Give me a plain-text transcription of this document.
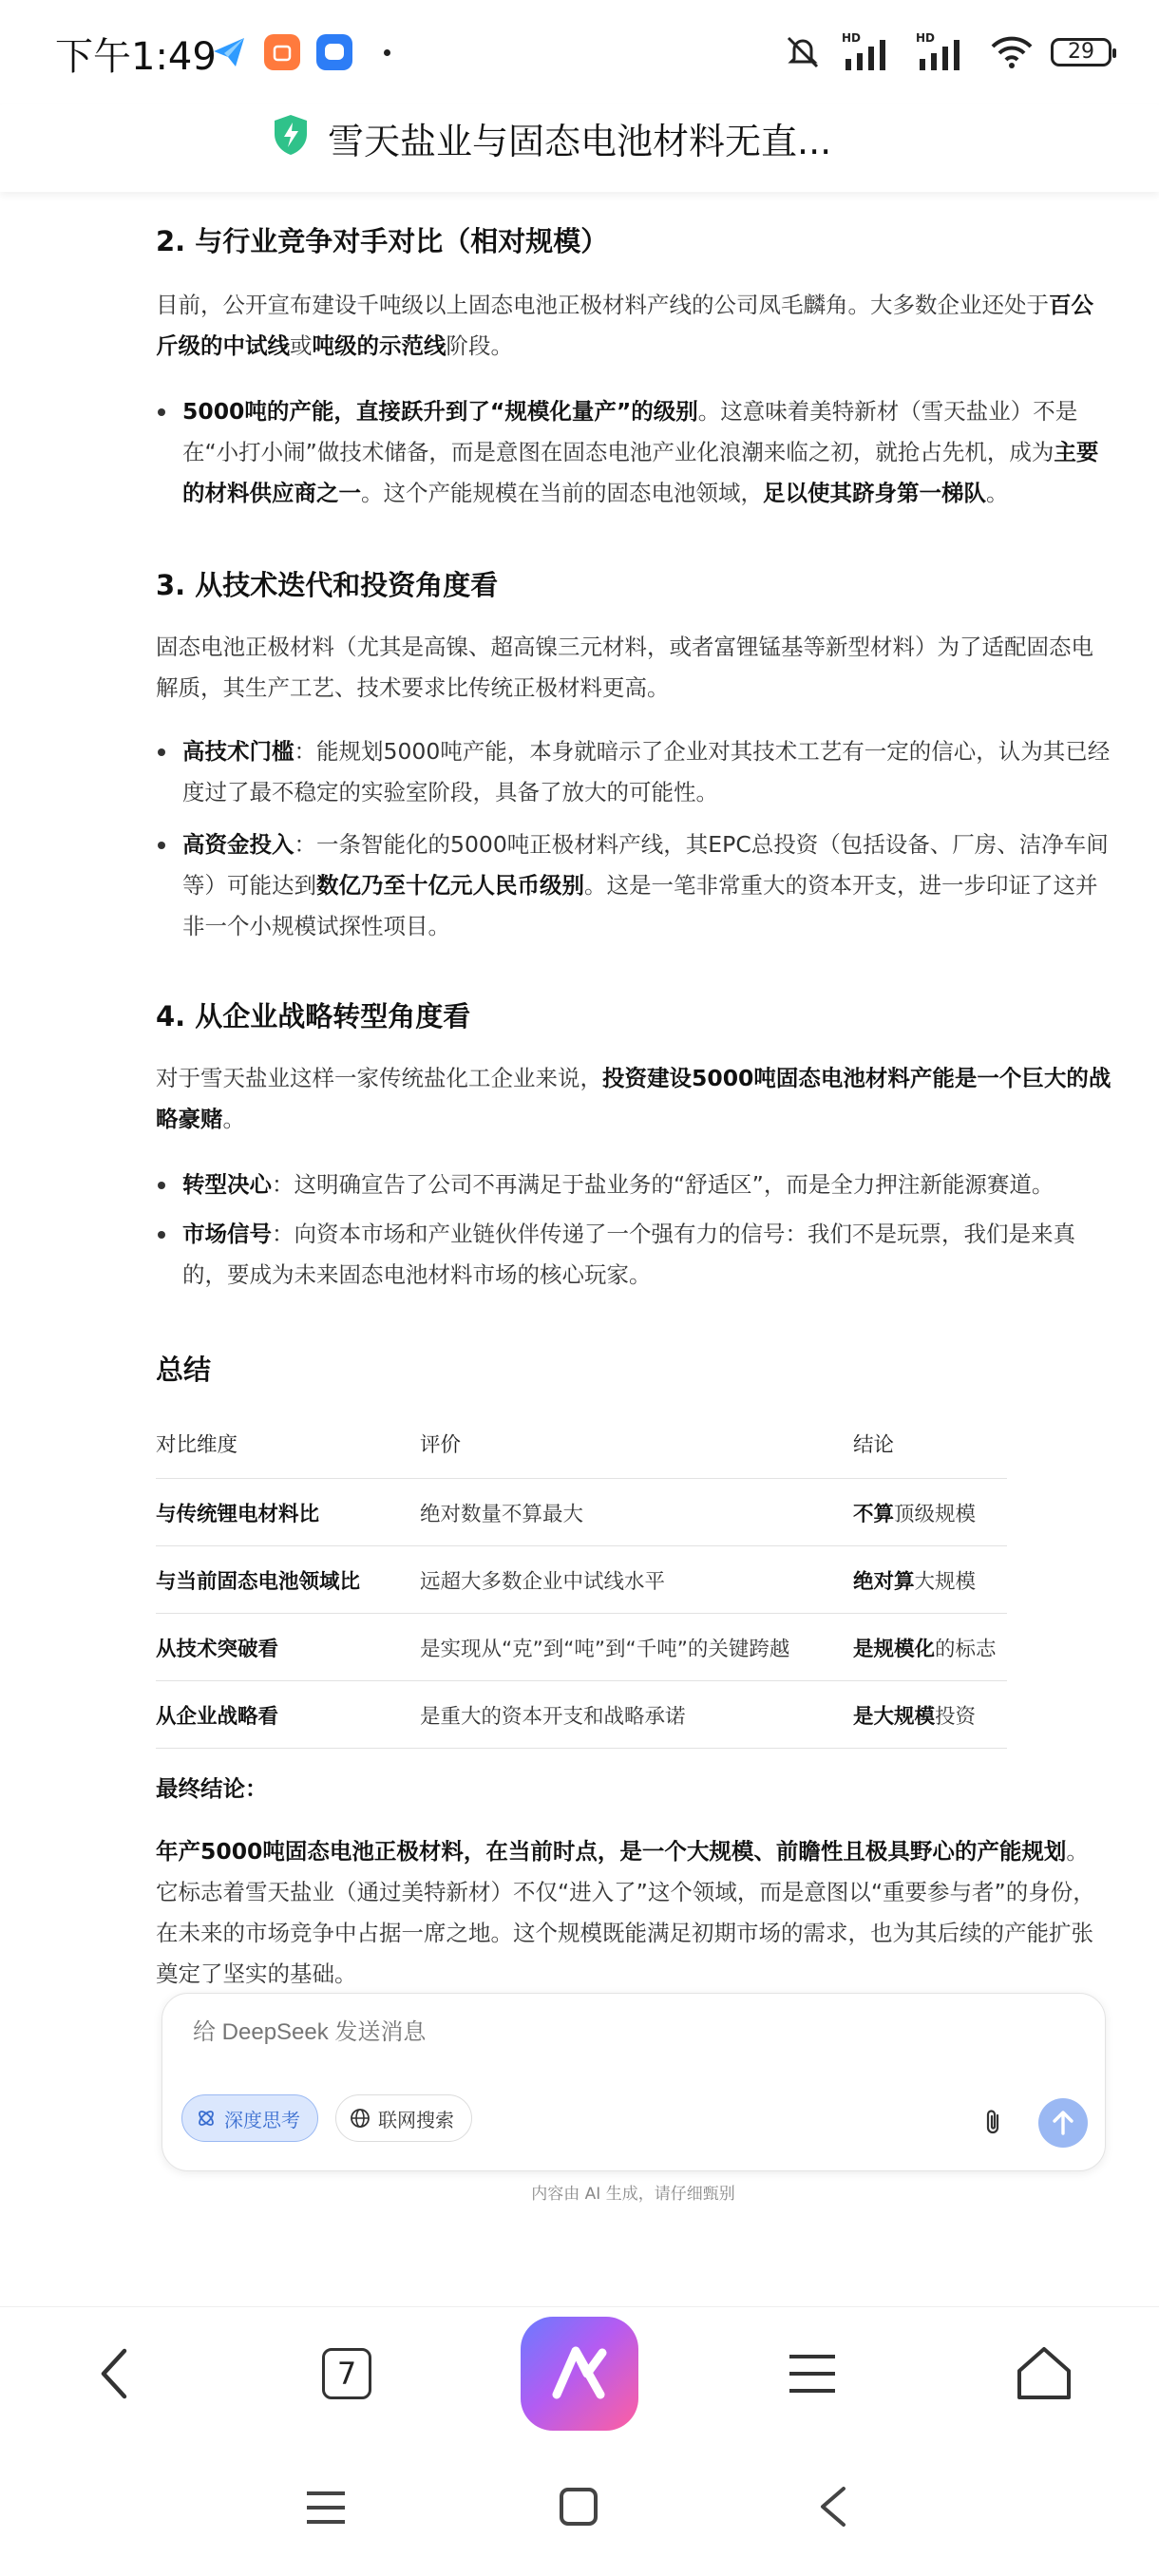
下午1:49	HD	HD
29
雪天盐业与固态电池材料无直...
2. 与行业竞争对手对比（相对规模）
目前，公开宣布建设千吨级以上固态电池正极材料产线的公司凤毛麟角。大多数企业还处于百公斤级的中试线或吨级的示范线阶段。
5000吨的产能，直接跃升到了“规模化量产”的级别。这意味着美特新材（雪天盐业）不是在“小打小闹”做技术储备，而是意图在固态电池产业化浪潮来临之初，就抢占先机，成为主要的材料供应商之一。这个产能规模在当前的固态电池领域，足以使其跻身第一梯队。
3. 从技术迭代和投资角度看
固态电池正极材料（尤其是高镍、超高镍三元材料，或者富锂锰基等新型材料）为了适配固态电解质，其生产工艺、技术要求比传统正极材料更高。
高技术门槛：能规划5000吨产能，本身就暗示了企业对其技术工艺有一定的信心，认为其已经度过了最不稳定的实验室阶段，具备了放大的可能性。
高资金投入：一条智能化的5000吨正极材料产线，其EPC总投资（包括设备、厂房、洁净车间等）可能达到数亿乃至十亿元人民币级别。这是一笔非常重大的资本开支，进一步印证了这并非一个小规模试探性项目。
4. 从企业战略转型角度看
对于雪天盐业这样一家传统盐化工企业来说，投资建设5000吨固态电池材料产能是一个巨大的战略豪赌。
转型决心：这明确宣告了公司不再满足于盐业务的“舒适区”，而是全力押注新能源赛道。
市场信号：向资本市场和产业链伙伴传递了一个强有力的信号：我们不是玩票，我们是来真的，要成为未来固态电池材料市场的核心玩家。
总结
对比维度	评价	结论
与传统锂电材料比	绝对数量不算最大	不算顶级规模
与当前固态电池领域比	远超大多数企业中试线水平	绝对算大规模
从技术突破看	是实现从“克”到“吨”到“千吨”的关键跨越	是规模化的标志
从企业战略看	是重大的资本开支和战略承诺	是大规模投资
最终结论：
年产5000吨固态电池正极材料，在当前时点，是一个大规模、前瞻性且极具野心的产能规划。 它标志着雪天盐业（通过美特新材）不仅“进入了”这个领域，而是意图以“重要参与者”的身份，在未来的市场竞争中占据一席之地。这个规模既能满足初期市场的需求，也为其后续的产能扩张奠定了坚实的基础。
给 DeepSeek 发送消息
深度思考	联网搜索
内容由 AI 生成，请仔细甄别
7
